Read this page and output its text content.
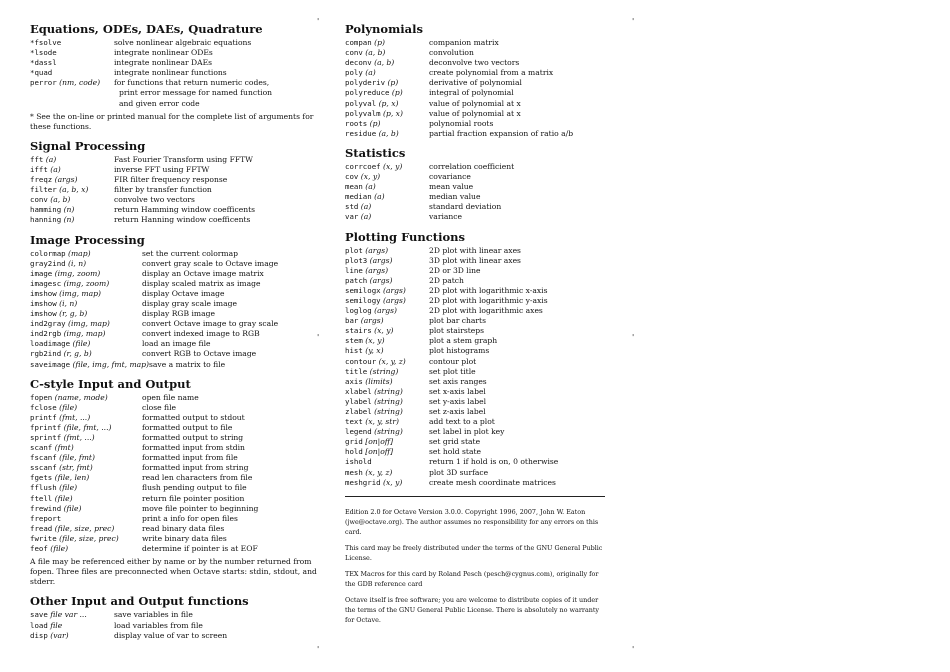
Equations, ODEs, DAEs, Quadrature
*fsolve	solve nonlinear algebraic equations
*lsode	integrate nonlinear ODEs
*dassl	integrate nonlinear DAEs
*quad	integrate nonlinear functions
perror (nm, code)	for functions that return numeric codes,
print error message for named function
and given error code

* See the on-line or printed manual for the complete list of arguments for these functions.

Signal Processing
fft (a)	Fast Fourier Transform using FFTW
ifft (a)	inverse FFT using FFTW
freqz (args)	FIR filter frequency response
filter (a, b, x)	filter by transfer function
conv (a, b)	convolve two vectors
hamming (n)	return Hamming window coefficents
hanning (n)	return Hanning window coefficents
Image Processing
colormap (map)	set the current colormap
gray2ind (i, n)	convert gray scale to Octave image
image (img, zoom)	display an Octave image matrix
imagesc (img, zoom)	display scaled matrix as image
imshow (img, map)	display Octave image
imshow (i, n)	display gray scale image
imshow (r, g, b)	display RGB image
ind2gray (img, map)	convert Octave image to gray scale
ind2rgb (img, map)	convert indexed image to RGB
loadimage (file)	load an image file
rgb2ind (r, g, b)	convert RGB to Octave image
saveimage (file, img, fmt, map) save a matrix to file
C-style Input and Output
fopen (name, mode)	open file name
fclose (file)	close file
printf (fmt, ...)	formatted output to stdout
fprintf (file, fmt, ...)	formatted output to file
sprintf (fmt, ...)	formatted output to string
scanf (fmt)	formatted input from stdin
fscanf (file, fmt)	formatted input from file
sscanf (str, fmt)	formatted input from string
fgets (file, len)	read len characters from file
fflush (file)	flush pending output to file
ftell (file)	return file pointer position
frewind (file)	move file pointer to beginning
freport	print a info for open files
fread (file, size, prec)	read binary data files
fwrite (file, size, prec)	write binary data files
feof (file)	determine if pointer is at EOF

A file may be referenced either by name or by the number returned from fopen. Three files are preconnected when Octave starts: stdin, stdout, and stderr.

Other Input and Output functions
save file var ...	save variables in file
load file	load variables from file
disp (var)	display value of var to screen
Polynomials
compan (p)	companion matrix
conv (a, b)	convolution
deconv (a, b)	deconvolve two vectors
poly (a)	create polynomial from a matrix
polyderiv (p)	derivative of polynomial
polyreduce (p)	integral of polynomial
polyval (p, x)	value of polynomial at x
polyvalm (p, x)	value of polynomial at x
roots (p)	polynomial roots
residue (a, b)	partial fraction expansion of ratio a/b
Statistics
corrcoef (x, y)	correlation coefficient
cov (x, y)	covariance
mean (a)	mean value
median (a)	median value
std (a)	standard deviation
var (a)	variance
Plotting Functions
plot (args)	2D plot with linear axes
plot3 (args)	3D plot with linear axes
line (args)	2D or 3D line
patch (args)	2D patch
semilogx (args)	2D plot with logarithmic x-axis
semilogy (args)	2D plot with logarithmic y-axis
loglog (args)	2D plot with logarithmic axes
bar (args)	plot bar charts
stairs (x, y)	plot stairsteps
stem (x, y)	plot a stem graph
hist (y, x)	plot histograms
contour (x, y, z)	contour plot
title (string)	set plot title
axis (limits)	set axis ranges
xlabel (string)	set x-axis label
ylabel (string)	set y-axis label
zlabel (string)	set z-axis label
text (x, y, str)	add text to a plot
legend (string)	set label in plot key
grid [on|off]	set grid state
hold [on|off]	set hold state
ishold	return 1 if hold is on, 0 otherwise
mesh (x, y, z)	plot 3D surface
meshgrid (x, y)	create mesh coordinate matrices

Edition 2.0 for Octave Version 3.0.0. Copyright 1996, 2007, John W. Eaton (jwe@octave.org). The author assumes no responsibility for any errors on this card.

This card may be freely distributed under the terms of the GNU General Public License.

TEX Macros for this card by Roland Pesch (pesch@cygnus.com), originally for the GDB reference card

Octave itself is free software; you are welcome to distribute copies of it under the terms of the GNU General Public License. There is absolutely no warranty for Octave.

'	'
'	'
'	'
